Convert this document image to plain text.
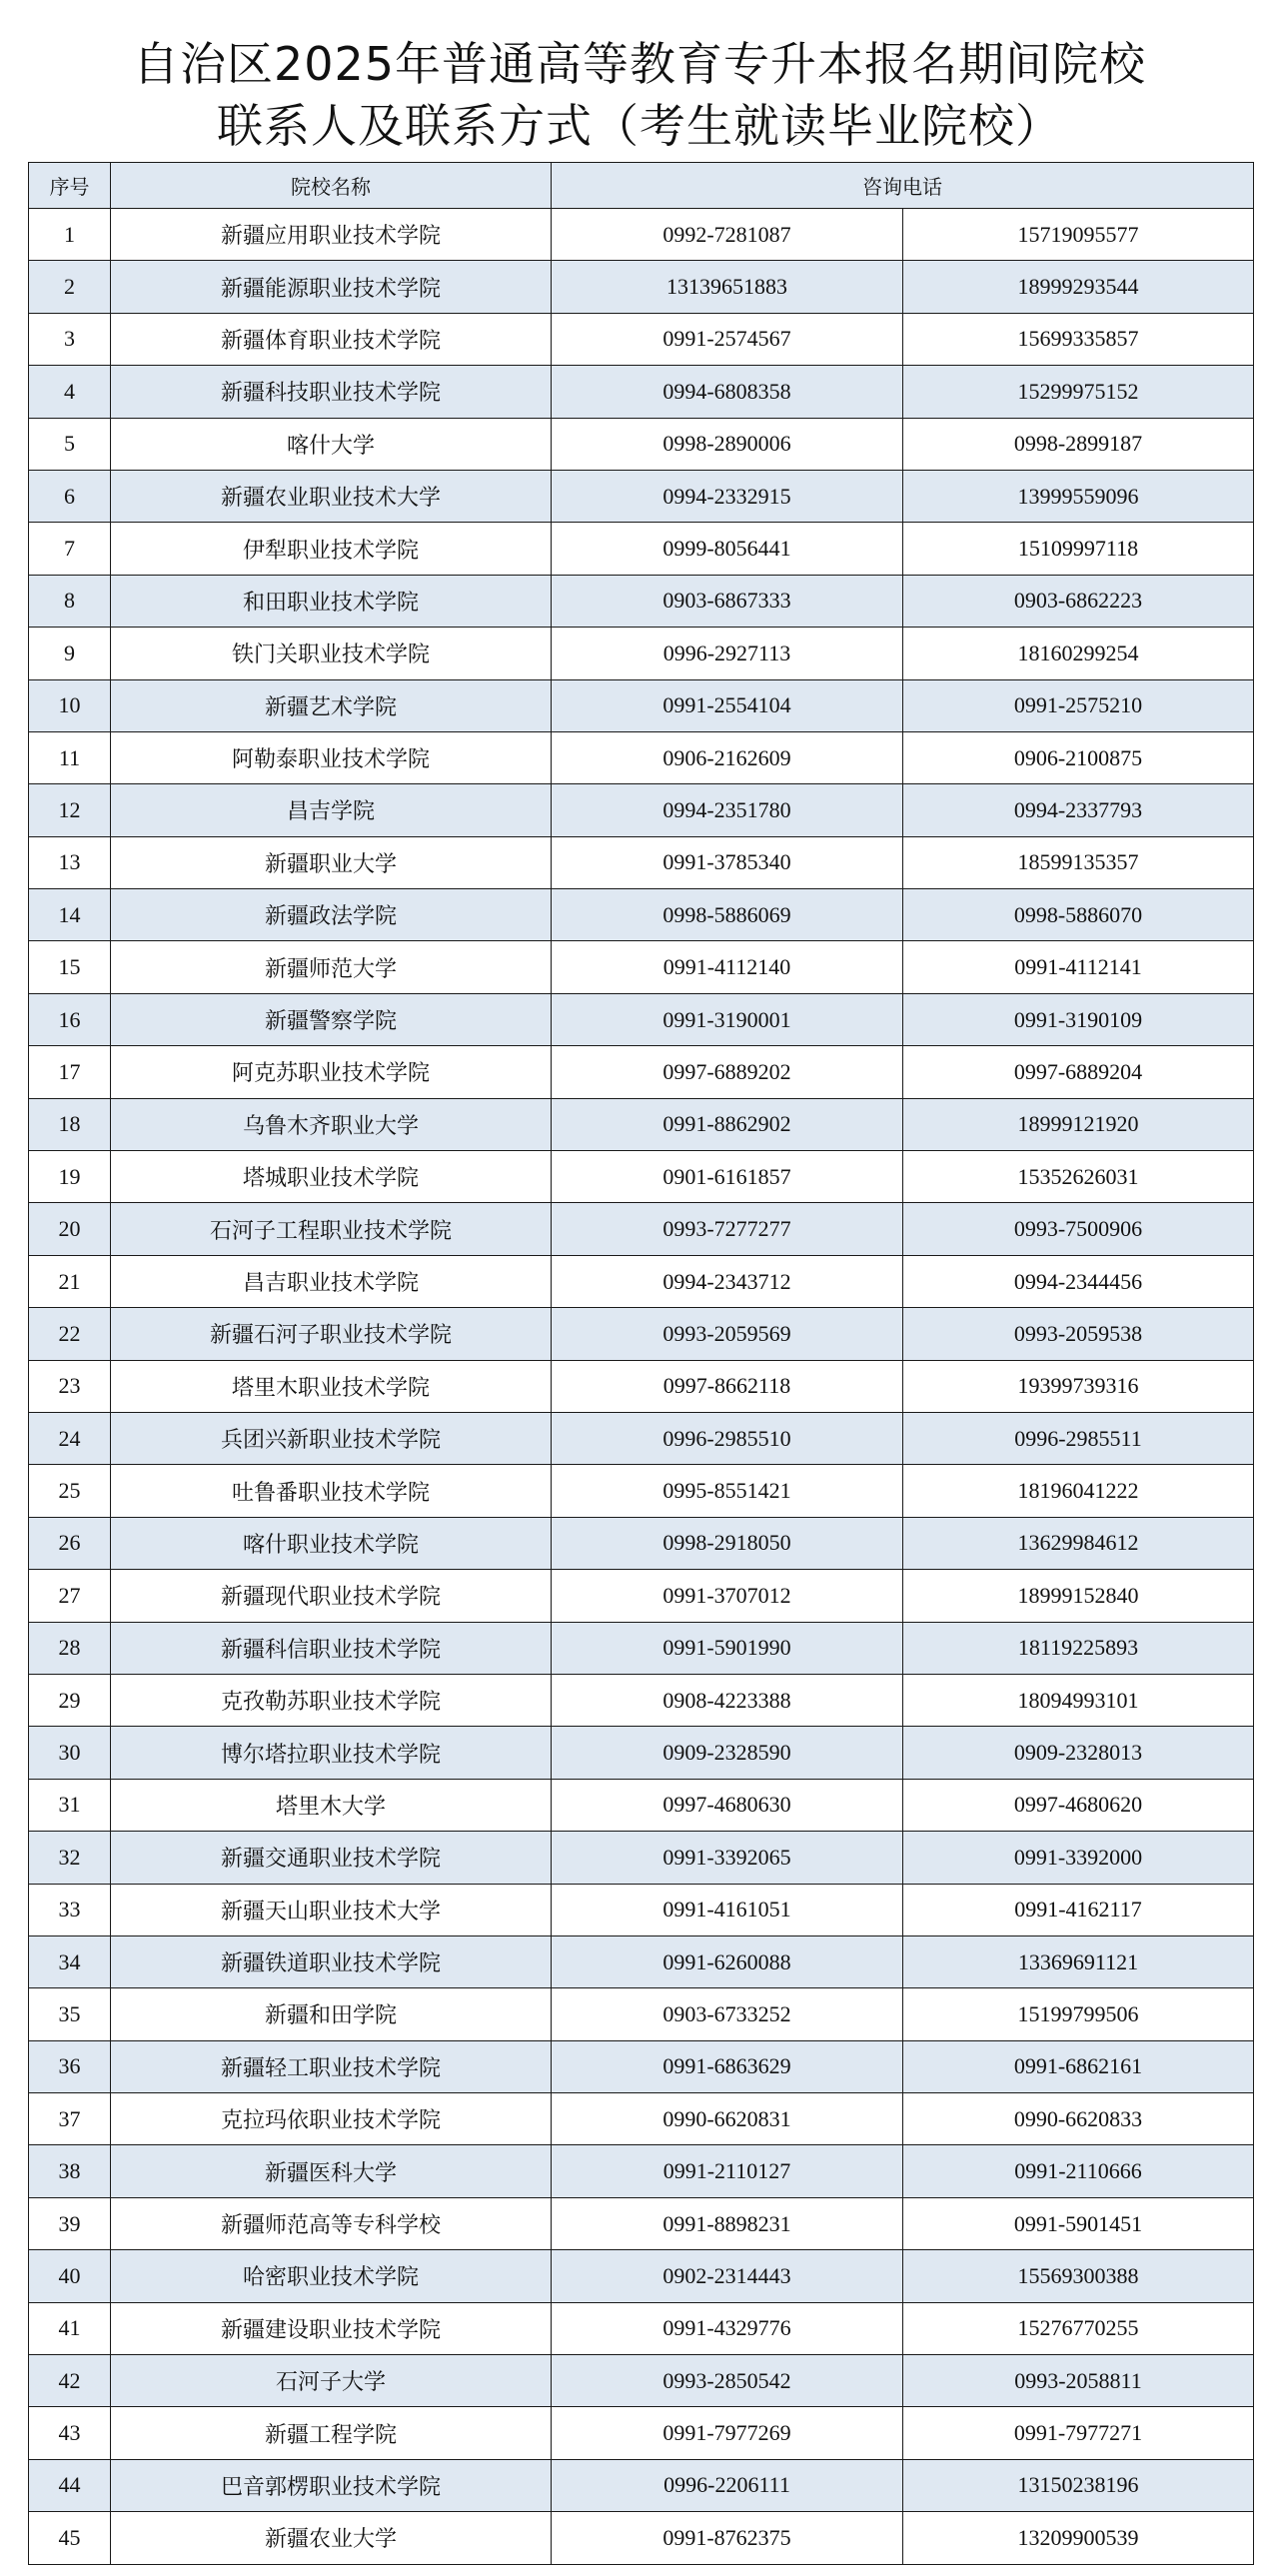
自治区2025年普通高等教育专升本报名期间院校
联系人及联系方式（考生就读毕业院校）
序号	院校名称	咨询电话	
1	新疆应用职业技术学院	0992-7281087	15719095577
2	新疆能源职业技术学院	13139651883	18999293544
3	新疆体育职业技术学院	0991-2574567	15699335857
4	新疆科技职业技术学院	0994-6808358	15299975152
5	喀什大学	0998-2890006	0998-2899187
6	新疆农业职业技术大学	0994-2332915	13999559096
7	伊犁职业技术学院	0999-8056441	15109997118
8	和田职业技术学院	0903-6867333	0903-6862223
9	铁门关职业技术学院	0996-2927113	18160299254
10	新疆艺术学院	0991-2554104	0991-2575210
11	阿勒泰职业技术学院	0906-2162609	0906-2100875
12	昌吉学院	0994-2351780	0994-2337793
13	新疆职业大学	0991-3785340	18599135357
14	新疆政法学院	0998-5886069	0998-5886070
15	新疆师范大学	0991-4112140	0991-4112141
16	新疆警察学院	0991-3190001	0991-3190109
17	阿克苏职业技术学院	0997-6889202	0997-6889204
18	乌鲁木齐职业大学	0991-8862902	18999121920
19	塔城职业技术学院	0901-6161857	15352626031
20	石河子工程职业技术学院	0993-7277277	0993-7500906
21	昌吉职业技术学院	0994-2343712	0994-2344456
22	新疆石河子职业技术学院	0993-2059569	0993-2059538
23	塔里木职业技术学院	0997-8662118	19399739316
24	兵团兴新职业技术学院	0996-2985510	0996-2985511
25	吐鲁番职业技术学院	0995-8551421	18196041222
26	喀什职业技术学院	0998-2918050	13629984612
27	新疆现代职业技术学院	0991-3707012	18999152840
28	新疆科信职业技术学院	0991-5901990	18119225893
29	克孜勒苏职业技术学院	0908-4223388	18094993101
30	博尔塔拉职业技术学院	0909-2328590	0909-2328013
31	塔里木大学	0997-4680630	0997-4680620
32	新疆交通职业技术学院	0991-3392065	0991-3392000
33	新疆天山职业技术大学	0991-4161051	0991-4162117
34	新疆铁道职业技术学院	0991-6260088	13369691121
35	新疆和田学院	0903-6733252	15199799506
36	新疆轻工职业技术学院	0991-6863629	0991-6862161
37	克拉玛依职业技术学院	0990-6620831	0990-6620833
38	新疆医科大学	0991-2110127	0991-2110666
39	新疆师范高等专科学校	0991-8898231	0991-5901451
40	哈密职业技术学院	0902-2314443	15569300388
41	新疆建设职业技术学院	0991-4329776	15276770255
42	石河子大学	0993-2850542	0993-2058811
43	新疆工程学院	0991-7977269	0991-7977271
44	巴音郭楞职业技术学院	0996-2206111	13150238196
45	新疆农业大学	0991-8762375	13209900539
